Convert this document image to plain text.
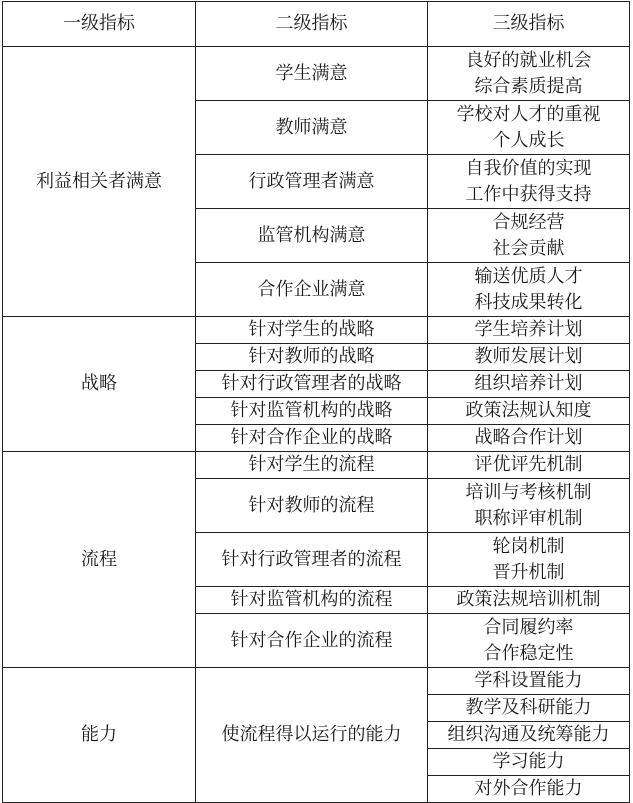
一级指标	二级指标	三级指标
利益相关者满意	学生满意	良好的就业机会
综合素质提高

	教师满意	学校对人才的重视
个人成长

	行政管理者满意	自我价值的实现
工作中获得支持

	监管机构满意	合规经营
社会贡献

	合作企业满意	输送优质人才
科技成果转化

战略	针对学生的战略	学生培养计划
	针对教师的战略	教师发展计划
	针对行政管理者的战略	组织培养计划
	针对监管机构的战略	政策法规认知度
	针对合作企业的战略	战略合作计划
流程	针对学生的流程	评优评先机制
	针对教师的流程	培训与考核机制
职称评审机制

	针对行政管理者的流程	轮岗机制
晋升机制

	针对监管机构的流程	政策法规培训机制
	针对合作企业的流程	合同履约率
合作稳定性

能力	使流程得以运行的能力	学科设置能力
		教学及科研能力
		组织沟通及统筹能力
		学习能力
		对外合作能力
